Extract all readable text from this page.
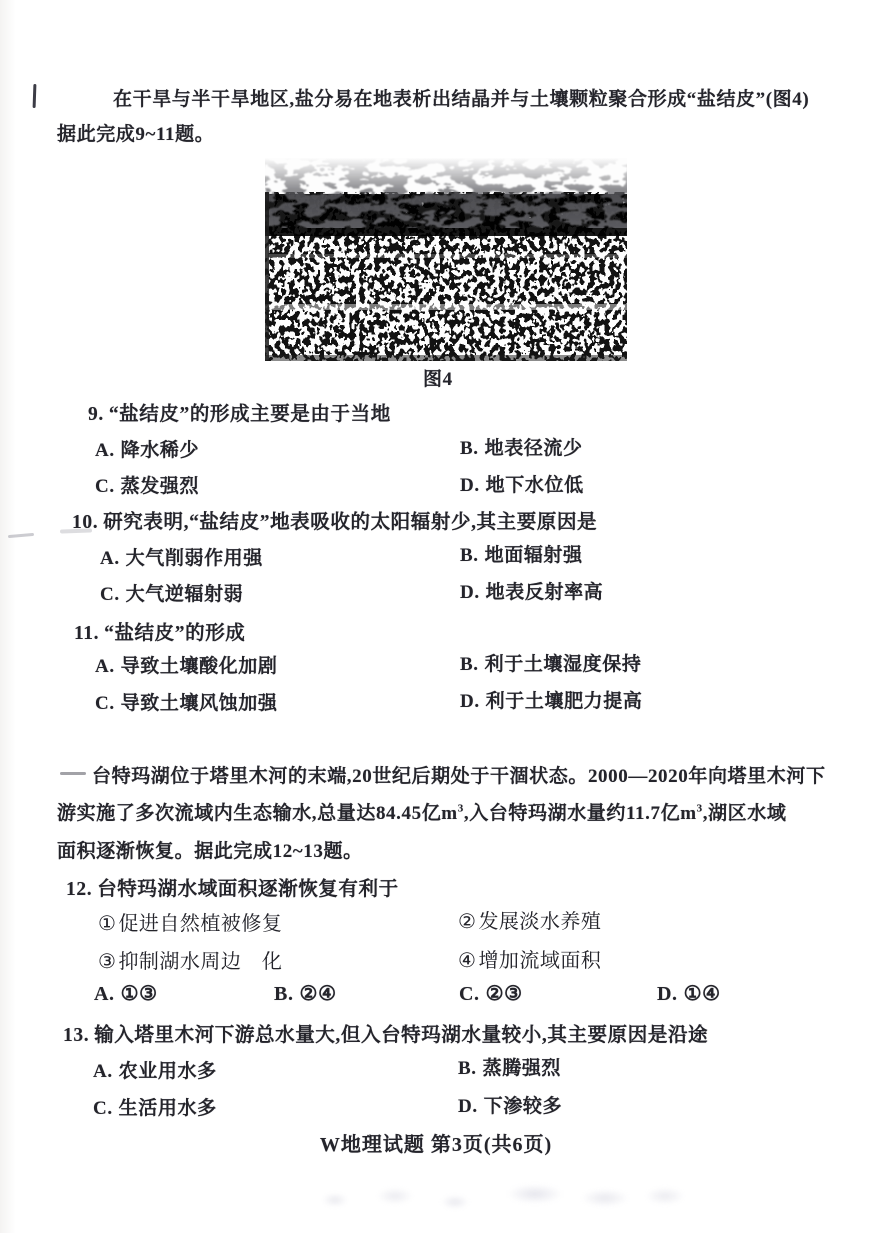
在干旱与半干旱地区,盐分易在地表析出结晶并与土壤颗粒聚合形成“盐结皮”(图4)
据此完成9~11题。
图4
9. “盐结皮”的形成主要是由于当地
A. 降水稀少	B. 地表径流少
C. 蒸发强烈	D. 地下水位低
10. 研究表明,“盐结皮”地表吸收的太阳辐射少,其主要原因是
A. 大气削弱作用强	B. 地面辐射强
C. 大气逆辐射弱	D. 地表反射率高
11. “盐结皮”的形成
A. 导致土壤酸化加剧	B. 利于土壤湿度保持
C. 导致土壤风蚀加强	D. 利于土壤肥力提高
台特玛湖位于塔里木河的末端,20世纪后期处于干涸状态。2000—2020年向塔里木河下
游实施了多次流域内生态输水,总量达84.45亿$m^3$,入台特玛湖水量约11.7亿$m^3$,湖区水域
面积逐渐恢复。据此完成12~13题。
12. 台特玛湖水域面积逐渐恢复有利于
① 促进自然植被修复	② 发展淡水养殖
③ 抑制湖水周边　化	④ 增加流域面积
A. ①③	B. ②④	C. ②③	D. ①④
13. 输入塔里木河下游总水量大,但入台特玛湖水量较小,其主要原因是沿途
A. 农业用水多	B. 蒸腾强烈
C. 生活用水多	D. 下渗较多
W地理试题 第3页(共6页)
